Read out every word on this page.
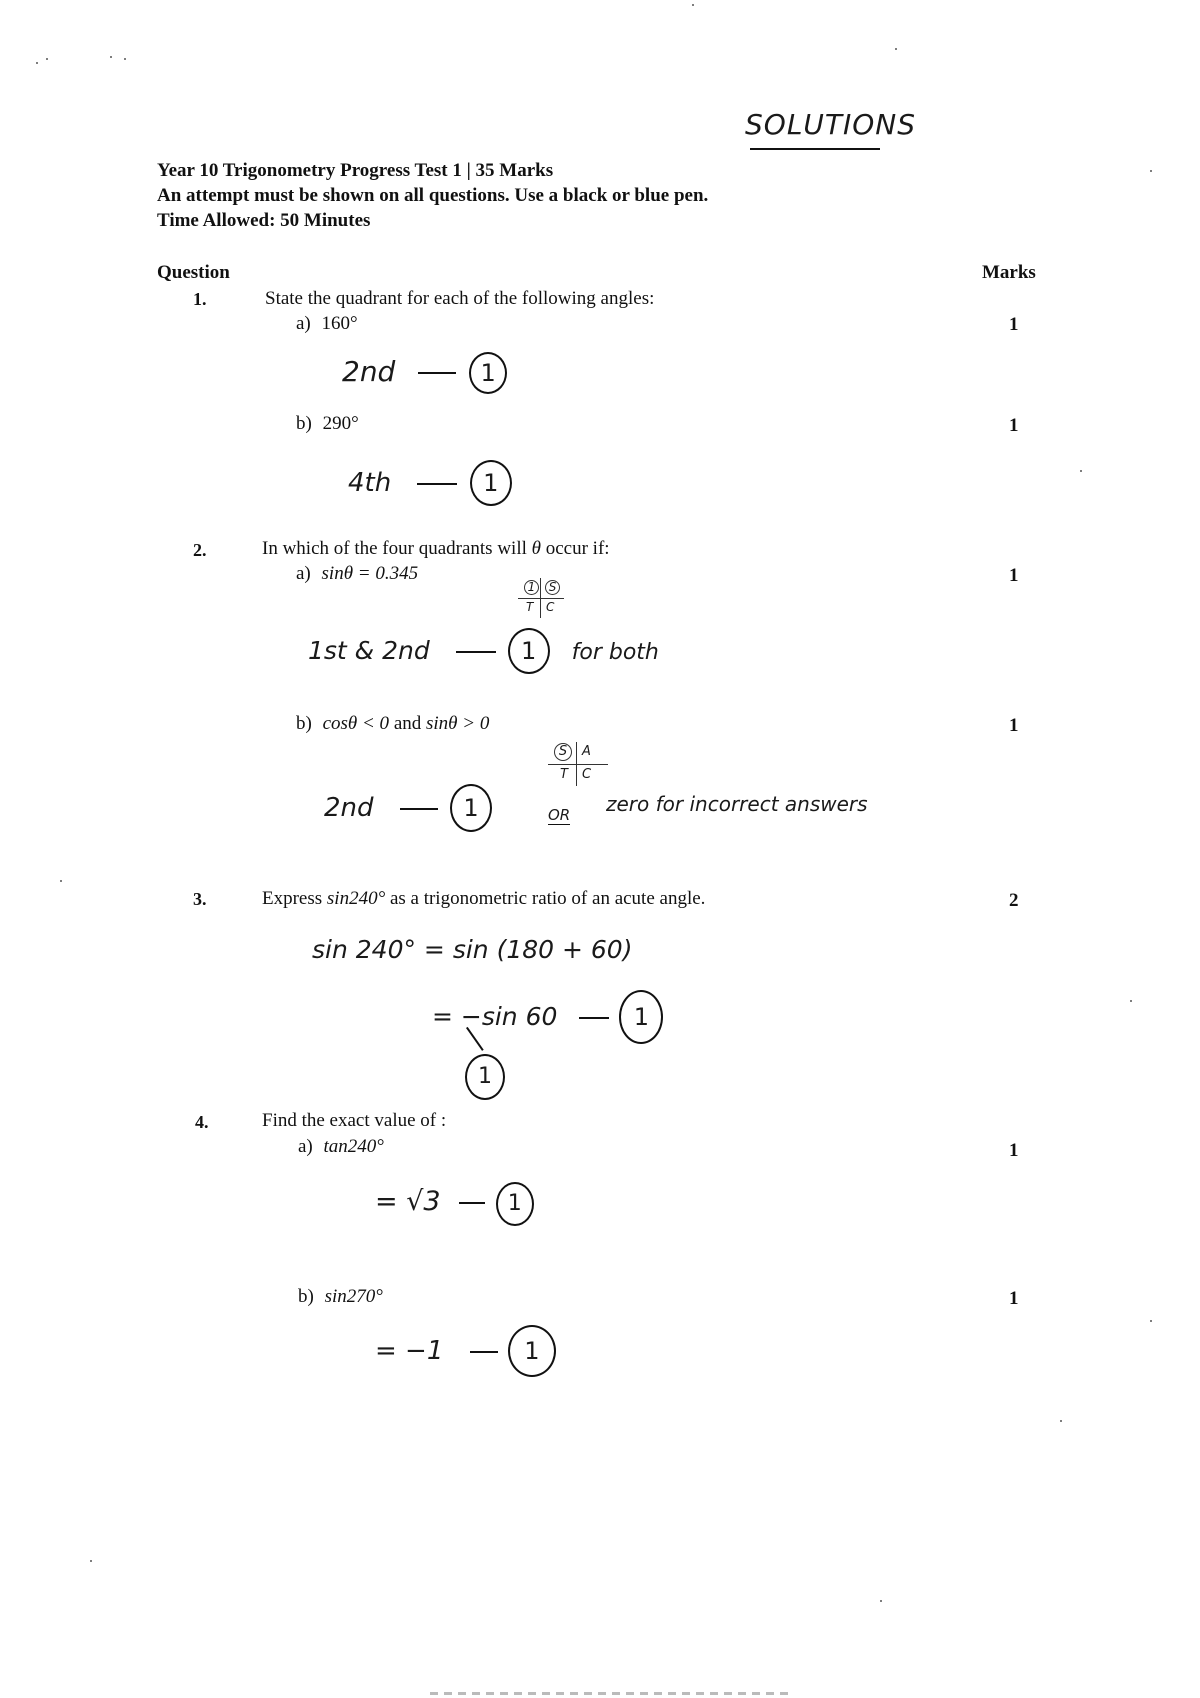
SOLUTIONS
Year 10 Trigonometry Progress Test 1 | 35 Marks
An attempt must be shown on all questions. Use a black or blue pen.
Time Allowed: 50 Minutes
Question	Marks
1.	State the quadrant for each of the following angles:
a) 160°	1
2nd	1
b) 290°	1
4th	1
2.	In which of the four quadrants will θ occur if:
a) sinθ = 0.345	1
1	S
T C
1st & 2nd	1 for both
b) cosθ < 0 and sinθ > 0	1
S	A
T C
2nd	1	OR zero for incorrect answers
3.	Express sin240° as a trigonometric ratio of an acute angle.	2
sin 240° = sin (180 + 60)
= −sin 60	1
1
4.	Find the exact value of :
a) tan240°	1
= √3	1
b) sin270°	1
= −1	1
